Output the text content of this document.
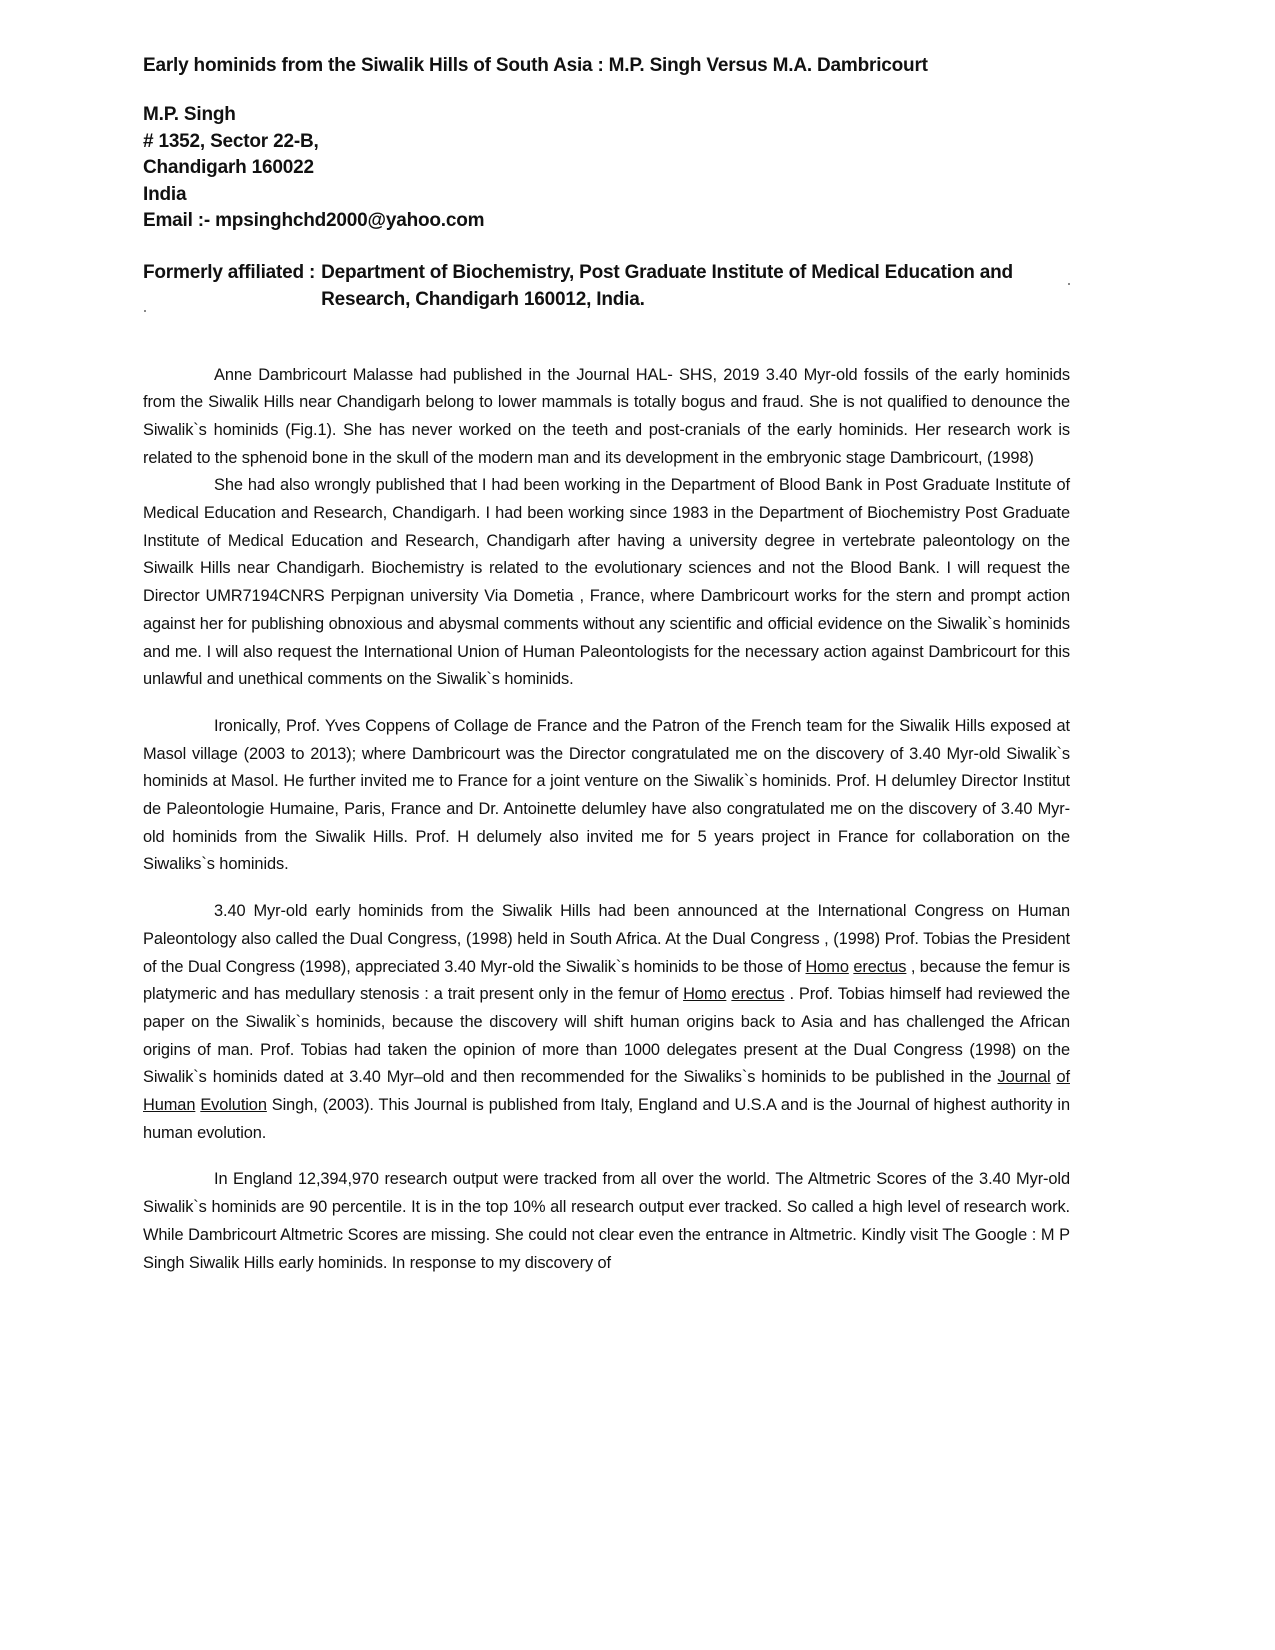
Early hominids from the Siwalik Hills of South Asia : M.P. Singh Versus M.A. Dambricourt
M.P. Singh
# 1352, Sector 22-B,
Chandigarh 160022
India
Email :- mpsinghchd2000@yahoo.com
Formerly affiliated : Department of Biochemistry, Post Graduate Institute of Medical Education and Research, Chandigarh 160012, India.

Anne Dambricourt Malasse had published in the Journal HAL- SHS, 2019 3.40 Myr-old fossils of the early hominids from the Siwalik Hills near Chandigarh belong to lower mammals is totally bogus and fraud. She is not qualified to denounce the Siwalik`s hominids (Fig.1). She has never worked on the teeth and post-cranials of the early hominids. Her research work is related to the sphenoid bone in the skull of the modern man and its development in the embryonic stage Dambricourt, (1998)

She had also wrongly published that I had been working in the Department of Blood Bank in Post Graduate Institute of Medical Education and Research, Chandigarh. I had been working since 1983 in the Department of Biochemistry Post Graduate Institute of Medical Education and Research, Chandigarh after having a university degree in vertebrate paleontology on the Siwailk Hills near Chandigarh. Biochemistry is related to the evolutionary sciences and not the Blood Bank. I will request the Director UMR7194CNRS Perpignan university Via Dometia , France, where Dambricourt works for the stern and prompt action against her for publishing obnoxious and abysmal comments without any scientific and official evidence on the Siwalik`s hominids and me. I will also request the International Union of Human Paleontologists for the necessary action against Dambricourt for this unlawful and unethical comments on the Siwalik`s hominids.

Ironically, Prof. Yves Coppens of Collage de France and the Patron of the French team for the Siwalik Hills exposed at Masol village (2003 to 2013); where Dambricourt was the Director congratulated me on the discovery of 3.40 Myr-old Siwalik`s hominids at Masol. He further invited me to France for a joint venture on the Siwalik`s hominids. Prof. H delumley Director Institut de Paleontologie Humaine, Paris, France and Dr. Antoinette delumley have also congratulated me on the discovery of 3.40 Myr-old hominids from the Siwalik Hills. Prof. H delumely also invited me for 5 years project in France for collaboration on the Siwaliks`s hominids.

3.40 Myr-old early hominids from the Siwalik Hills had been announced at the International Congress on Human Paleontology also called the Dual Congress, (1998) held in South Africa. At the Dual Congress , (1998) Prof. Tobias the President of the Dual Congress (1998), appreciated 3.40 Myr-old the Siwalik`s hominids to be those of Homo erectus , because the femur is platymeric and has medullary stenosis : a trait present only in the femur of Homo erectus . Prof. Tobias himself had reviewed the paper on the Siwalik`s hominids, because the discovery will shift human origins back to Asia and has challenged the African origins of man. Prof. Tobias had taken the opinion of more than 1000 delegates present at the Dual Congress (1998) on the Siwalik`s hominids dated at 3.40 Myr–old and then recommended for the Siwaliks`s hominids to be published in the Journal of Human Evolution Singh, (2003). This Journal is published from Italy, England and U.S.A and is the Journal of highest authority in human evolution.

In England 12,394,970 research output were tracked from all over the world. The Altmetric Scores of the 3.40 Myr-old Siwalik`s hominids are 90 percentile. It is in the top 10% all research output ever tracked. So called a high level of research work. While Dambricourt Altmetric Scores are missing. She could not clear even the entrance in Altmetric. Kindly visit The Google : M P Singh Siwalik Hills early hominids. In response to my discovery of
